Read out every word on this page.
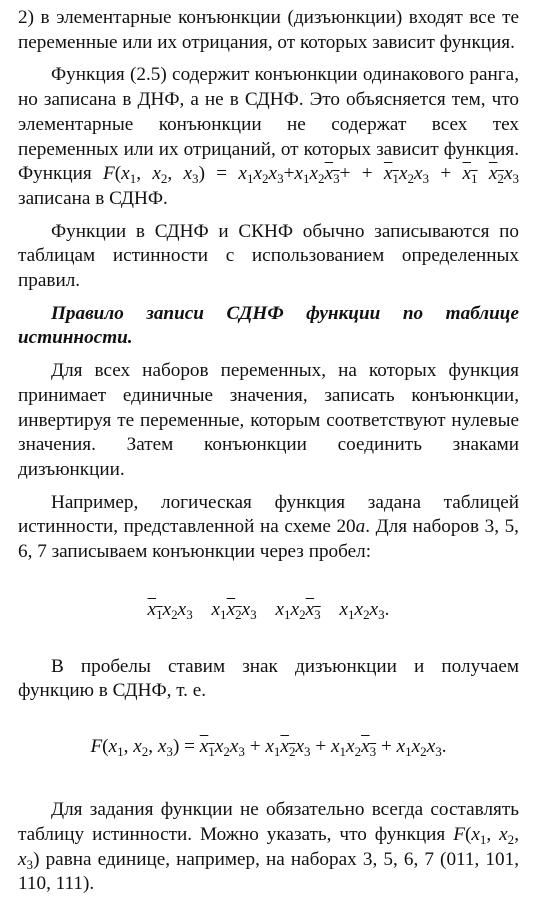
2) в элементарные конъюнкции (дизъюнкции) входят все те переменные или их отрицания, от которых зависит функция.

Функция (2.5) содержит конъюнкции одинакового ранга, но записана в ДНФ, а не в СДНФ. Это объясняется тем, что элементарные конъюнкции не содержат всех тех переменных или их отрицаний, от которых зависит функция. Функция $F(x_1$, $x_2$, $x_3) = x_1x_2x_3+x_1x_2x_3+ + x_1x_2x_3 + x_1$ $x_2x_3$ записана в СДНФ.

Функции в СДНФ и СКНФ обычно записываются по таблицам истинности с использованием определенных правил.

Правило записи СДНФ функции по таблице истинности.

Для всех наборов переменных, на которых функция принимает единичные значения, записать конъюнкции, инвертируя те переменные, которым соответствуют нулевые значения. Затем конъюнкции соединить знаками дизъюнкции.

Например, логическая функция задана таблицей истинности, представленной на схеме 20а. Для наборов 3, 5, 6, 7 записываем конъюнкции через пробел:

$x_1x_2x_3$ $x_1x_2x_3$ $x_1x_2x_3$ $x_1x_2x_3$.

В пробелы ставим знак дизъюнкции и получаем функцию в СДНФ, т. е.

$F(x_1$, $x_2$, $x_3) = x_1x_2x_3 + x_1x_2x_3 + x_1x_2x_3 + x_1x_2x_3$.

Для задания функции не обязательно всегда составлять таблицу истинности. Можно указать, что функция $F(x_1$, $x_2$, $x_3$) равна единице, например, на наборах 3, 5, 6, 7 (011, 101, 110, 111).
